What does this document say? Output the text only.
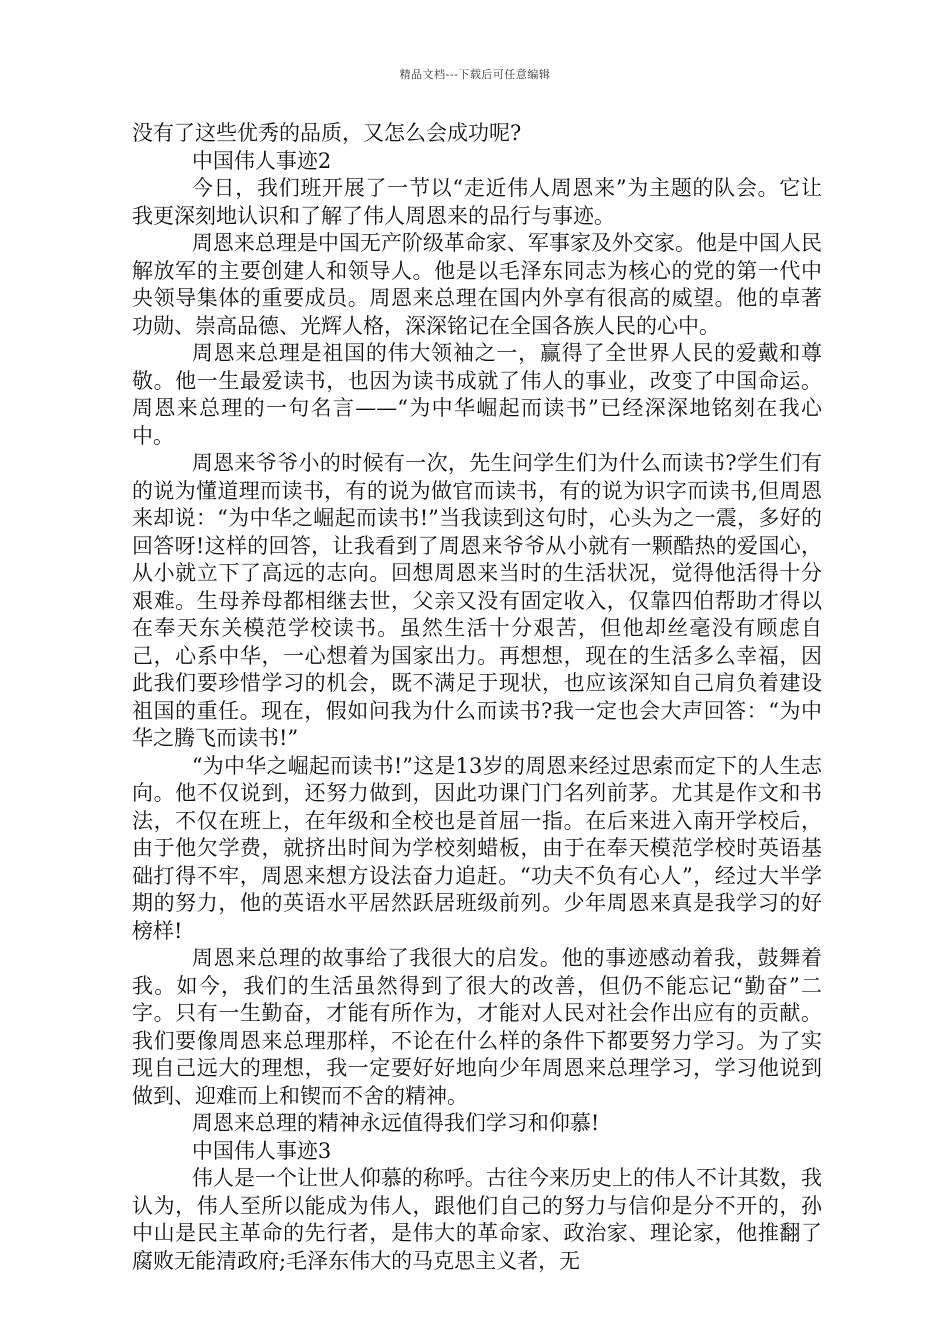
精品文档---下载后可任意编辑

没有了这些优秀的品质，又怎么会成功呢?

中国伟人事迹2

今日，我们班开展了一节以“走近伟人周恩来”为主题的队会。它让我更深刻地认识和了解了伟人周恩来的品行与事迹。

周恩来总理是中国无产阶级革命家、军事家及外交家。他是中国人民解放军的主要创建人和领导人。他是以毛泽东同志为核心的党的第一代中央领导集体的重要成员。周恩来总理在国内外享有很高的威望。他的卓著功勋、崇高品德、光辉人格，深深铭记在全国各族人民的心中。

周恩来总理是祖国的伟大领袖之一，赢得了全世界人民的爱戴和尊敬。他一生最爱读书，也因为读书成就了伟人的事业，改变了中国命运。周恩来总理的一句名言——“为中华崛起而读书”已经深深地铭刻在我心中。

周恩来爷爷小的时候有一次，先生问学生们为什么而读书?学生们有的说为懂道理而读书，有的说为做官而读书，有的说为识字而读书,但周恩来却说：“为中华之崛起而读书!”当我读到这句时，心头为之一震，多好的回答呀!这样的回答，让我看到了周恩来爷爷从小就有一颗酷热的爱国心，从小就立下了高远的志向。回想周恩来当时的生活状况，觉得他活得十分艰难。生母养母都相继去世，父亲又没有固定收入，仅靠四伯帮助才得以在奉天东关模范学校读书。虽然生活十分艰苦，但他却丝毫没有顾虑自己，心系中华，一心想着为国家出力。再想想，现在的生活多么幸福，因此我们要珍惜学习的机会，既不满足于现状，也应该深知自己肩负着建设祖国的重任。现在，假如问我为什么而读书?我一定也会大声回答：“为中华之腾飞而读书!”

“为中华之崛起而读书!”这是13岁的周恩来经过思索而定下的人生志向。他不仅说到，还努力做到，因此功课门门名列前茅。尤其是作文和书法，不仅在班上，在年级和全校也是首屈一指。在后来进入南开学校后，由于他欠学费，就挤出时间为学校刻蜡板，由于在奉天模范学校时英语基础打得不牢，周恩来想方设法奋力追赶。“功夫不负有心人”，经过大半学期的努力，他的英语水平居然跃居班级前列。少年周恩来真是我学习的好榜样!

周恩来总理的故事给了我很大的启发。他的事迹感动着我，鼓舞着我。如今，我们的生活虽然得到了很大的改善，但仍不能忘记“勤奋”二字。只有一生勤奋，才能有所作为，才能对人民对社会作出应有的贡献。我们要像周恩来总理那样，不论在什么样的条件下都要努力学习。为了实现自己远大的理想，我一定要好好地向少年周恩来总理学习，学习他说到做到、迎难而上和锲而不舍的精神。

周恩来总理的精神永远值得我们学习和仰慕!

中国伟人事迹3

伟人是一个让世人仰慕的称呼。古往今来历史上的伟人不计其数，我认为，伟人至所以能成为伟人，跟他们自己的努力与信仰是分不开的，孙中山是民主革命的先行者，是伟大的革命家、政治家、理论家，他推翻了腐败无能清政府;毛泽东伟大的马克思主义者，无
